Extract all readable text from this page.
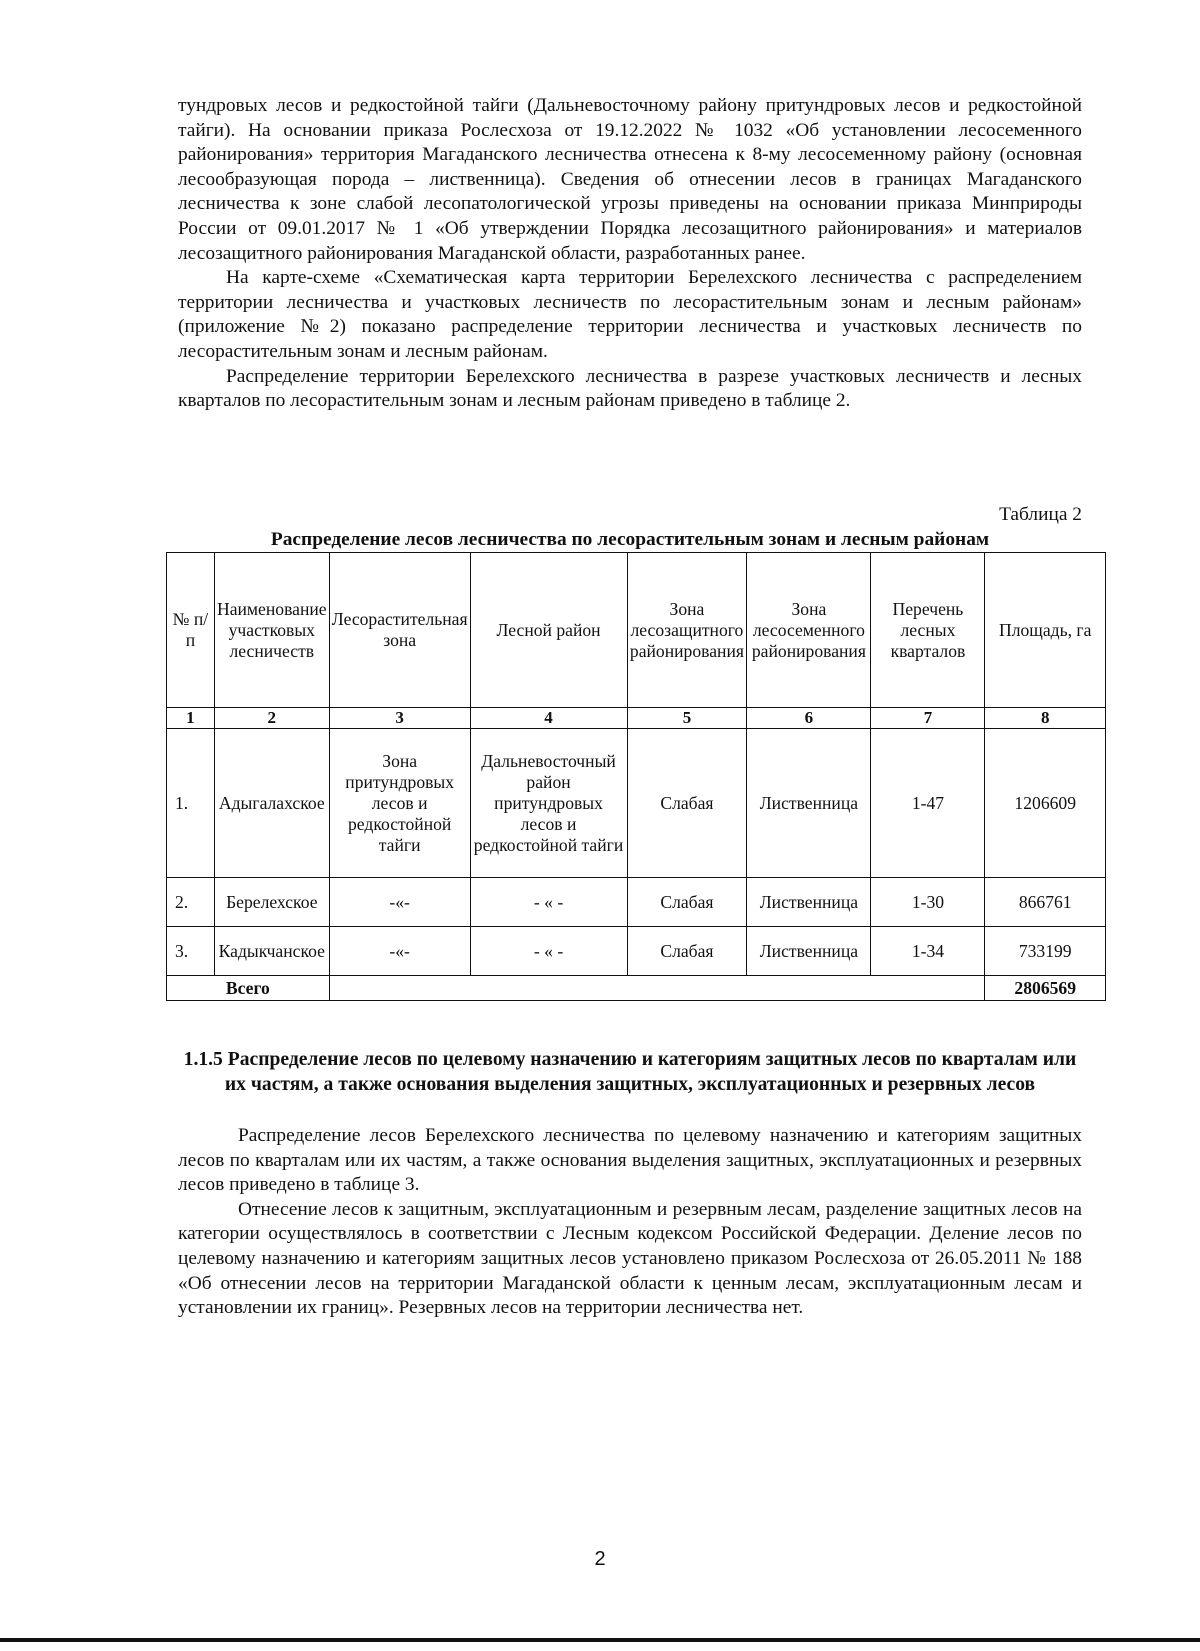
тундровых лесов и редкостойной тайги (Дальневосточному району притундровых лесов и редкостойной тайги). На основании приказа Рослесхоза от 19.12.2022 № 1032 «Об установлении лесосеменного районирования» территория Магаданского лесничества отнесена к 8-му лесосеменному району (основная лесообразующая порода – лиственница). Сведения об отнесении лесов в границах Магаданского лесничества к зоне слабой лесопатологической угрозы приведены на основании приказа Минприроды России от 09.01.2017 № 1 «Об утверждении Порядка лесозащитного районирования» и материалов лесозащитного районирования Магаданской области, разработанных ранее.

На карте-схеме «Схематическая карта территории Берелехского лесничества с распределением территории лесничества и участковых лесничеств по лесорастительным зонам и лесным районам» (приложение №2) показано распределение территории лесничества и участковых лесничеств по лесорастительным зонам и лесным районам.

Распределение территории Берелехского лесничества в разрезе участковых лесничеств и лесных кварталов по лесорастительным зонам и лесным районам приведено в таблице 2.

Таблица 2
Распределение лесов лесничества по лесорастительным зонам и лесным районам
№ п/п	Наименование участковых лесничеств	Лесорастительная зона	Лесной район	Зона лесозащитного районирования	Зона лесосеменного районирования	Перечень лесных кварталов	Площадь, га
1	2	3	4	5	6	7	8
1.	Адыгалахское	Зона притундровых лесов и редкостойной тайги	Дальневосточный район притундровых лесов и редкостойной тайги	Слабая	Лиственница	1-47	1206609
2.	Берелехское	-«-	- « -	Слабая	Лиственница	1-30	866761
3.	Кадыкчанское	-«-	- « -	Слабая	Лиственница	1-34	733199
Всего							2806569
1.1.5 Распределение лесов по целевому назначению и категориям защитных лесов по кварталам или их частям, а также основания выделения защитных, эксплуатационных и резервных лесов

Распределение лесов Берелехского лесничества по целевому назначению и категориям защитных лесов по кварталам или их частям, а также основания выделения защитных, эксплуатационных и резервных лесов приведено в таблице 3.

Отнесение лесов к защитным, эксплуатационным и резервным лесам, разделение защитных лесов на категории осуществлялось в соответствии с Лесным кодексом Российской Федерации. Деление лесов по целевому назначению и категориям защитных лесов установлено приказом Рослесхоза от 26.05.2011 № 188 «Об отнесении лесов на территории Магаданской области к ценным лесам, эксплуатационным лесам и установлении их границ». Резервных лесов на территории лесничества нет.

2
